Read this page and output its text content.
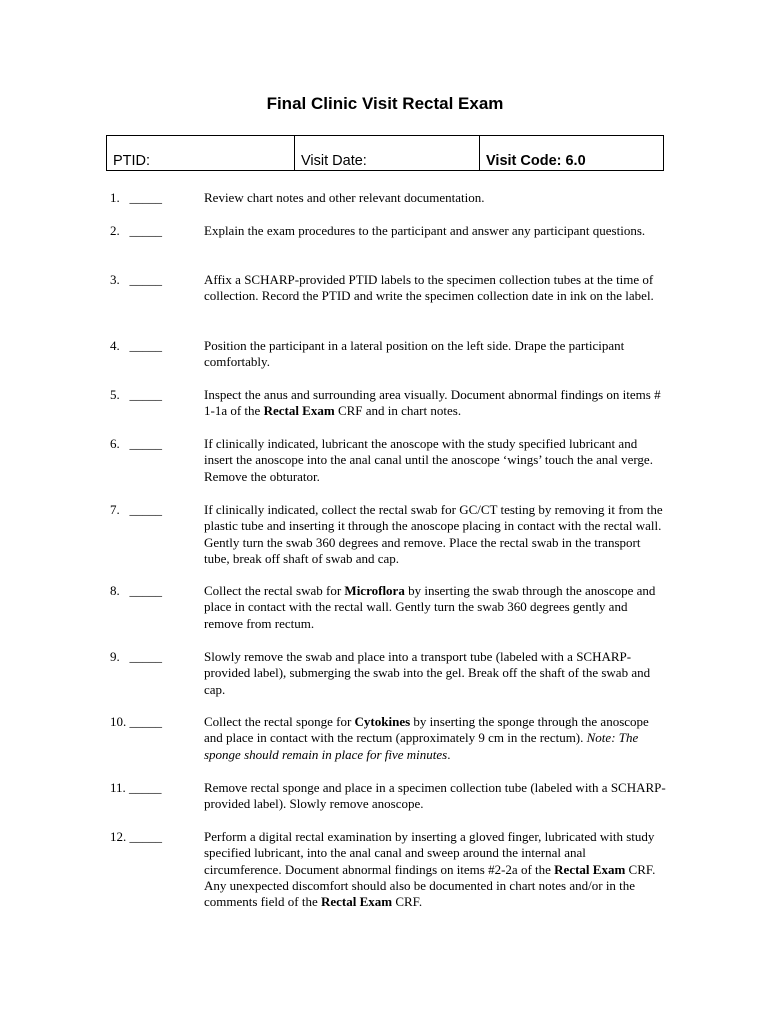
Final Clinic Visit Rectal Exam
PTID:	Visit Date:	Visit Code: 6.0
1.   _____	Review chart notes and other relevant documentation.
2.   _____	Explain the exam procedures to the participant and answer any participant questions.
3.   _____	Affix a SCHARP-provided PTID labels to the specimen collection tubes at the time of collection. Record the PTID and write the specimen collection date in ink on the label.
4.   _____	Position the participant in a lateral position on the left side. Drape the participant comfortably.
5.   _____	Inspect the anus and surrounding area visually. Document abnormal findings on items # 1-1a of the Rectal Exam CRF and in chart notes.
6.   _____	If clinically indicated, lubricant the anoscope with the study specified lubricant and insert the anoscope into the anal canal until the anoscope ‘wings’ touch the anal verge. Remove the obturator.
7.   _____	If clinically indicated, collect the rectal swab for GC/CT testing by removing it from the plastic tube and inserting it through the anoscope placing in contact with the rectal wall. Gently turn the swab 360 degrees and remove. Place the rectal swab in the transport tube, break off shaft of swab and cap.
8.   _____	Collect the rectal swab for Microflora by inserting the swab through the anoscope and place in contact with the rectal wall. Gently turn the swab 360 degrees gently and remove from rectum.
9.   _____	Slowly remove the swab and place into a transport tube (labeled with a SCHARP-provided label), submerging the swab into the gel. Break off the shaft of the swab and cap.
10. _____	Collect the rectal sponge for Cytokines by inserting the sponge through the anoscope and place in contact with the rectum (approximately 9 cm in the rectum). Note: The sponge should remain in place for five minutes.
11. _____	Remove rectal sponge and place in a specimen collection tube (labeled with a SCHARP-provided label). Slowly remove anoscope.
12. _____	Perform a digital rectal examination by inserting a gloved finger, lubricated with study specified lubricant, into the anal canal and sweep around the internal anal circumference. Document abnormal findings on items #2-2a of the Rectal Exam CRF. Any unexpected discomfort should also be documented in chart notes and/or in the comments field of the Rectal Exam CRF.
